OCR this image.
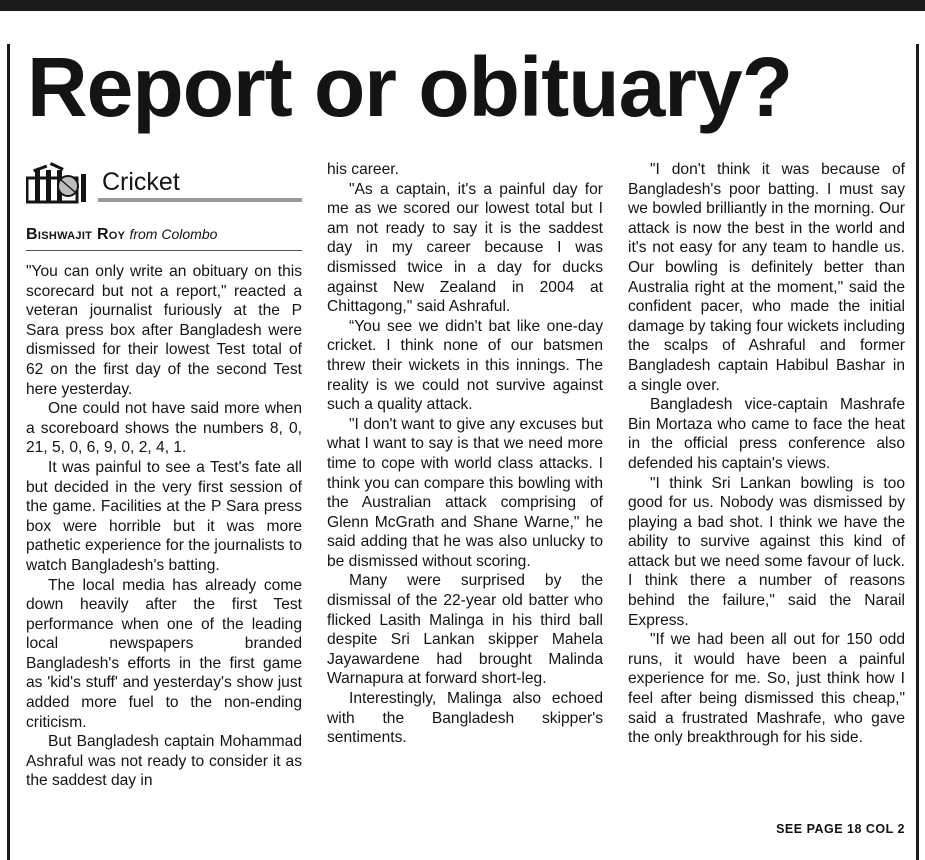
Report or obituary?
Cricket
Bishwajit Roy from Colombo

"You can only write an obituary on this scorecard but not a report," reacted a veteran journalist furiously at the P Sara press box after Bangladesh were dismissed for their lowest Test total of 62 on the first day of the second Test here yesterday.

One could not have said more when a scoreboard shows the numbers 8, 0, 21, 5, 0, 6, 9, 0, 2, 4, 1.

It was painful to see a Test's fate all but decided in the very first session of the game. Facilities at the P Sara press box were horrible but it was more pathetic experience for the journalists to watch Bangladesh's batting.

The local media has already come down heavily after the first Test performance when one of the leading local newspapers branded Bangladesh's efforts in the first game as 'kid's stuff' and yesterday's show just added more fuel to the non-ending criticism.

But Bangladesh captain Mohammad Ashraful was not ready to consider it as the saddest day in

his career.

"As a captain, it's a painful day for me as we scored our lowest total but I am not ready to say it is the saddest day in my career because I was dismissed twice in a day for ducks against New Zealand in 2004 at Chittagong," said Ashraful.

“You see we didn't bat like one-day cricket. I think none of our batsmen threw their wickets in this innings. The reality is we could not survive against such a quality attack.

"I don't want to give any excuses but what I want to say is that we need more time to cope with world class attacks. I think you can compare this bowling with the Australian attack comprising of Glenn McGrath and Shane Warne," he said adding that he was also unlucky to be dismissed without scoring.

Many were surprised by the dismissal of the 22-year old batter who flicked Lasith Malinga in his third ball despite Sri Lankan skipper Mahela Jayawardene had brought Malinda Warnapura at forward short-leg.

Interestingly, Malinga also echoed with the Bangladesh skipper's sentiments.

"I don't think it was because of Bangladesh's poor batting. I must say we bowled brilliantly in the morning. Our attack is now the best in the world and it's not easy for any team to handle us. Our bowling is definitely better than Australia right at the moment," said the confident pacer, who made the initial damage by taking four wickets including the scalps of Ashraful and former Bangladesh captain Habibul Bashar in a single over.

Bangladesh vice-captain Mashrafe Bin Mortaza who came to face the heat in the official press conference also defended his captain's views.

"I think Sri Lankan bowling is too good for us. Nobody was dismissed by playing a bad shot. I think we have the ability to survive against this kind of attack but we need some favour of luck. I think there a number of reasons behind the failure," said the Narail Express.

"If we had been all out for 150 odd runs, it would have been a painful experience for me. So, just think how I feel after being dismissed this cheap," said a frustrated Mashrafe, who gave the only breakthrough for his side.

SEE PAGE 18 COL 2
